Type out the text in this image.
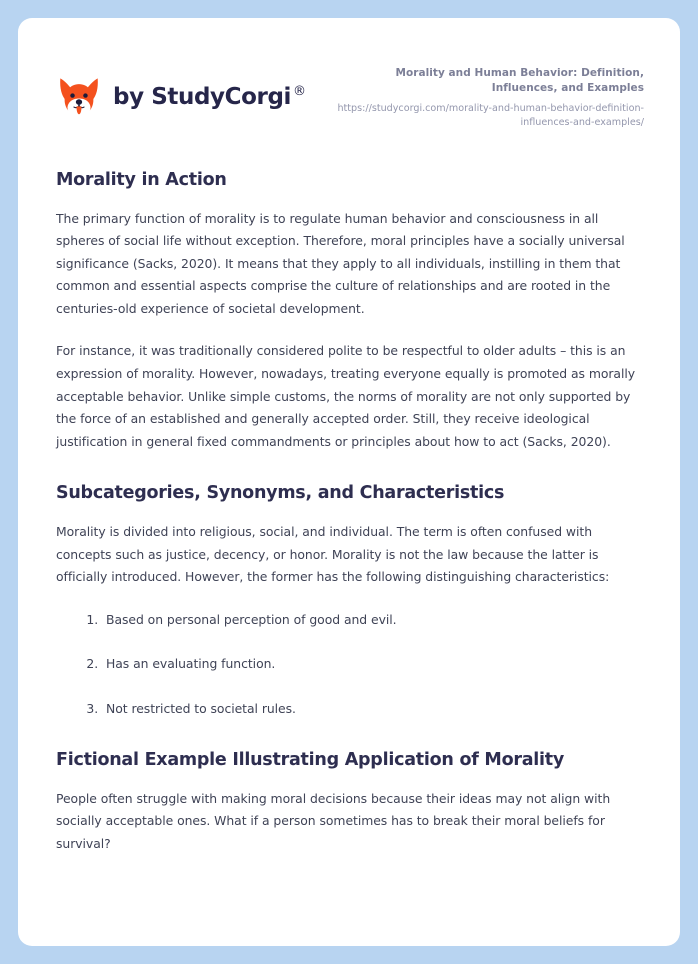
by StudyCorgi ®

Morality and Human Behavior: Definition, Influences, and Examples

https://studycorgi.com/morality-and-human-behavior-definition-influences-and-examples/

Morality in Action

The primary function of morality is to regulate human behavior and consciousness in all spheres of social life without exception. Therefore, moral principles have a socially universal significance (Sacks, 2020). It means that they apply to all individuals, instilling in them that common and essential aspects comprise the culture of relationships and are rooted in the centuries-old experience of societal development.

For instance, it was traditionally considered polite to be respectful to older adults – this is an expression of morality. However, nowadays, treating everyone equally is promoted as morally acceptable behavior. Unlike simple customs, the norms of morality are not only supported by the force of an established and generally accepted order. Still, they receive ideological justification in general fixed commandments or principles about how to act (Sacks, 2020).

Subcategories, Synonyms, and Characteristics

Morality is divided into religious, social, and individual. The term is often confused with concepts such as justice, decency, or honor. Morality is not the law because the latter is officially introduced. However, the former has the following distinguishing characteristics:

1. Based on personal perception of good and evil.
2. Has an evaluating function.
3. Not restricted to societal rules.
Fictional Example Illustrating Application of Morality

People often struggle with making moral decisions because their ideas may not align with socially acceptable ones. What if a person sometimes has to break their moral beliefs for survival?
